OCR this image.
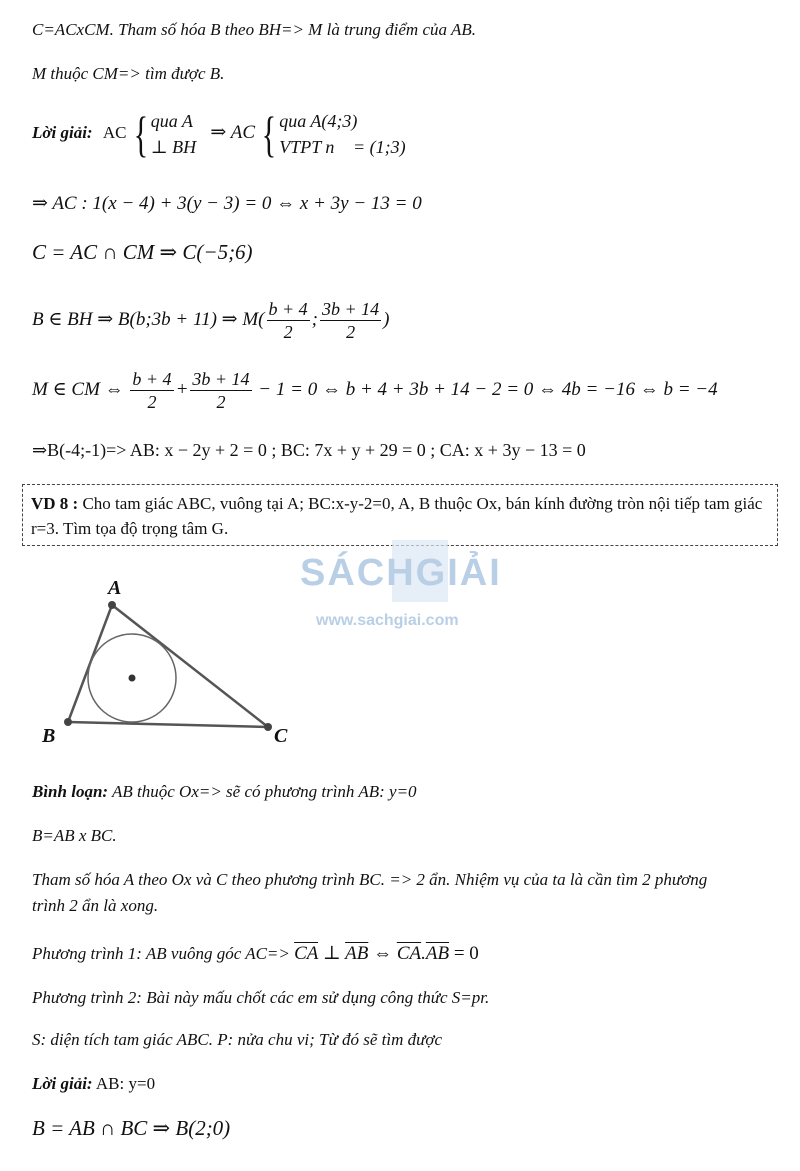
C=ACxCM. Tham số hóa B theo BH=> M là trung điểm của AB.
M thuộc CM=> tìm được B.
Lời giải: AC { qua A
⊥ BH
⇒ AC { qua A(4;3)
VTPT n⃗ = (1;3)
⇒ AC : 1(x − 4) + 3(y − 3) = 0 ⇔ x + 3y − 13 = 0
C = AC ∩ CM ⇒ C(−5;6)
B ∈ BH ⇒ B(b;3b + 11) ⇒ $M( \frac{b + 4}{2}$ ; $\frac{3b + 14}{2}$ )
M ∈ CM ⇔ $\frac{b + 4}{2} + \frac{3b + 14}{2} - 1 = 0$ ⇔ b + 4 + 3b + 14 − 2 = 0 ⇔ 4b = −16 ⇔ b = −4
⇒B(-4;-1)=> AB: x − 2y + 2 = 0 ; BC: 7x + y + 29 = 0 ; CA: x + 3y − 13 = 0
VD 8 : Cho tam giác ABC, vuông tại A; BC:x-y-2=0, A, B thuộc Ox, bán kính đường tròn nội tiếp tam giác r=3. Tìm tọa độ trọng tâm G.
SÁCHGIẢI
www.sachgiai.com
A
B	C
Bình loạn: AB thuộc Ox=> sẽ có phương trình AB: y=0
B=AB x BC.
Tham số hóa A theo Ox và C theo phương trình BC. => 2 ẩn. Nhiệm vụ của ta là cần tìm 2 phương
trình 2 ẩn là xong.
Phương trình 1: AB vuông góc $AC=> \overline{CA}$ ⊥ $\overline{AB}$ ⇔ $\overline{CA}.\overline{AB} = 0$
Phương trình 2: Bài này mấu chốt các em sử dụng công thức S=pr.
S: diện tích tam giác ABC. P: nửa chu vi; Từ đó sẽ tìm được
Lời giải: AB: y=0
B = AB ∩ BC ⇒ B(2;0)
